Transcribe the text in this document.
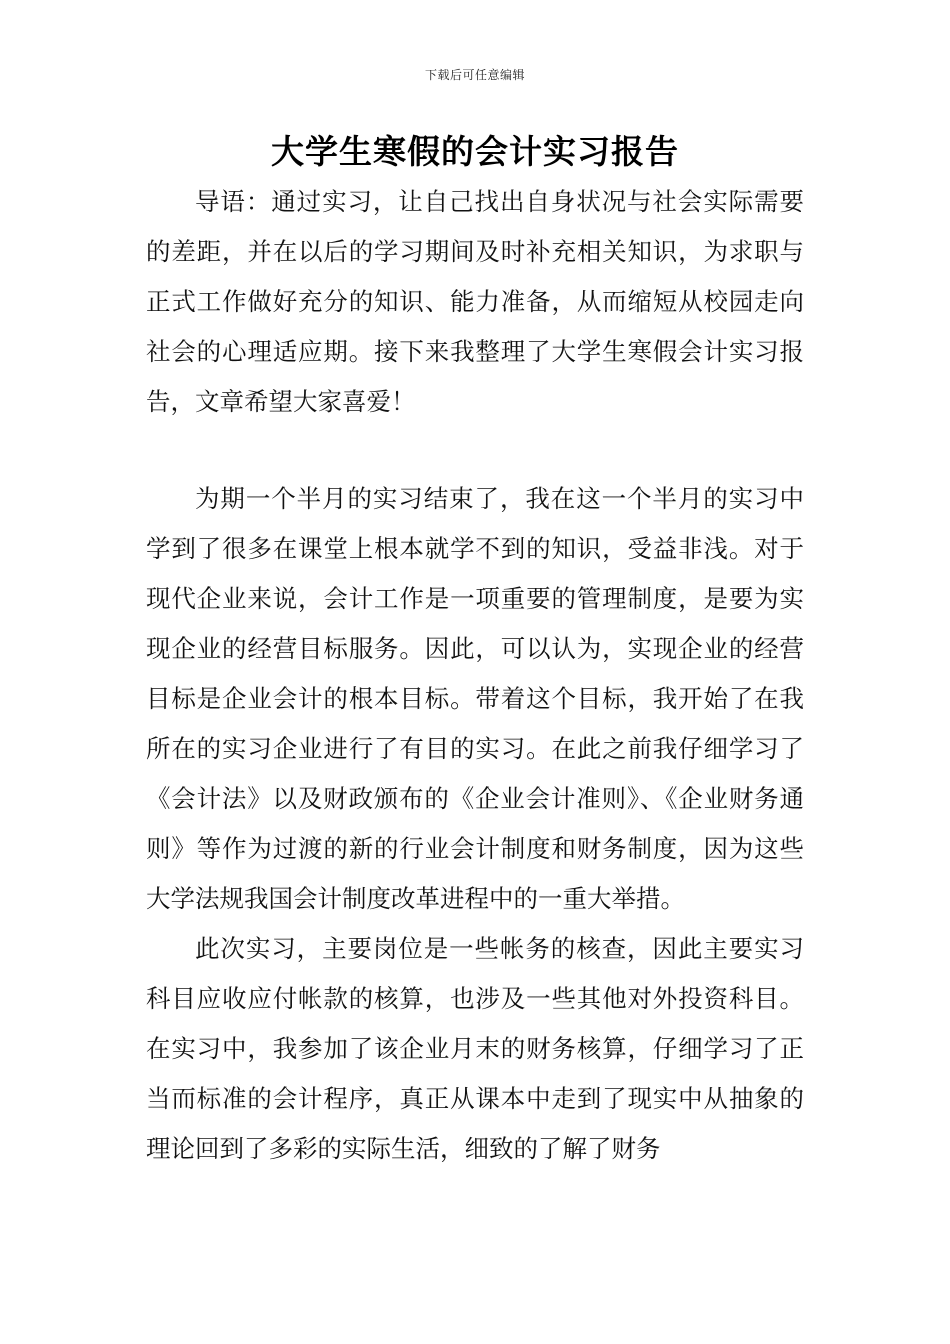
下载后可任意编辑
大学生寒假的会计实习报告

导语：通过实习，让自己找出自身状况与社会实际需要的差距，并在以后的学习期间及时补充相关知识，为求职与正式工作做好充分的知识、能力准备，从而缩短从校园走向社会的心理适应期。接下来我整理了大学生寒假会计实习报告，文章希望大家喜爱！

为期一个半月的实习结束了，我在这一个半月的实习中学到了很多在课堂上根本就学不到的知识，受益非浅。对于现代企业来说，会计工作是一项重要的管理制度，是要为实现企业的经营目标服务。因此，可以认为，实现企业的经营目标是企业会计的根本目标。带着这个目标，我开始了在我所在的实习企业进行了有目的实习。在此之前我仔细学习了《会计法》以及财政颁布的《企业会计准则》、《企业财务通则》等作为过渡的新的行业会计制度和财务制度，因为这些大学法规我国会计制度改革进程中的一重大举措。

此次实习，主要岗位是一些帐务的核查，因此主要实习科目应收应付帐款的核算，也涉及一些其他对外投资科目。在实习中，我参加了该企业月末的财务核算，仔细学习了正当而标准的会计程序，真正从课本中走到了现实中从抽象的理论回到了多彩的实际生活，细致的了解了财务
